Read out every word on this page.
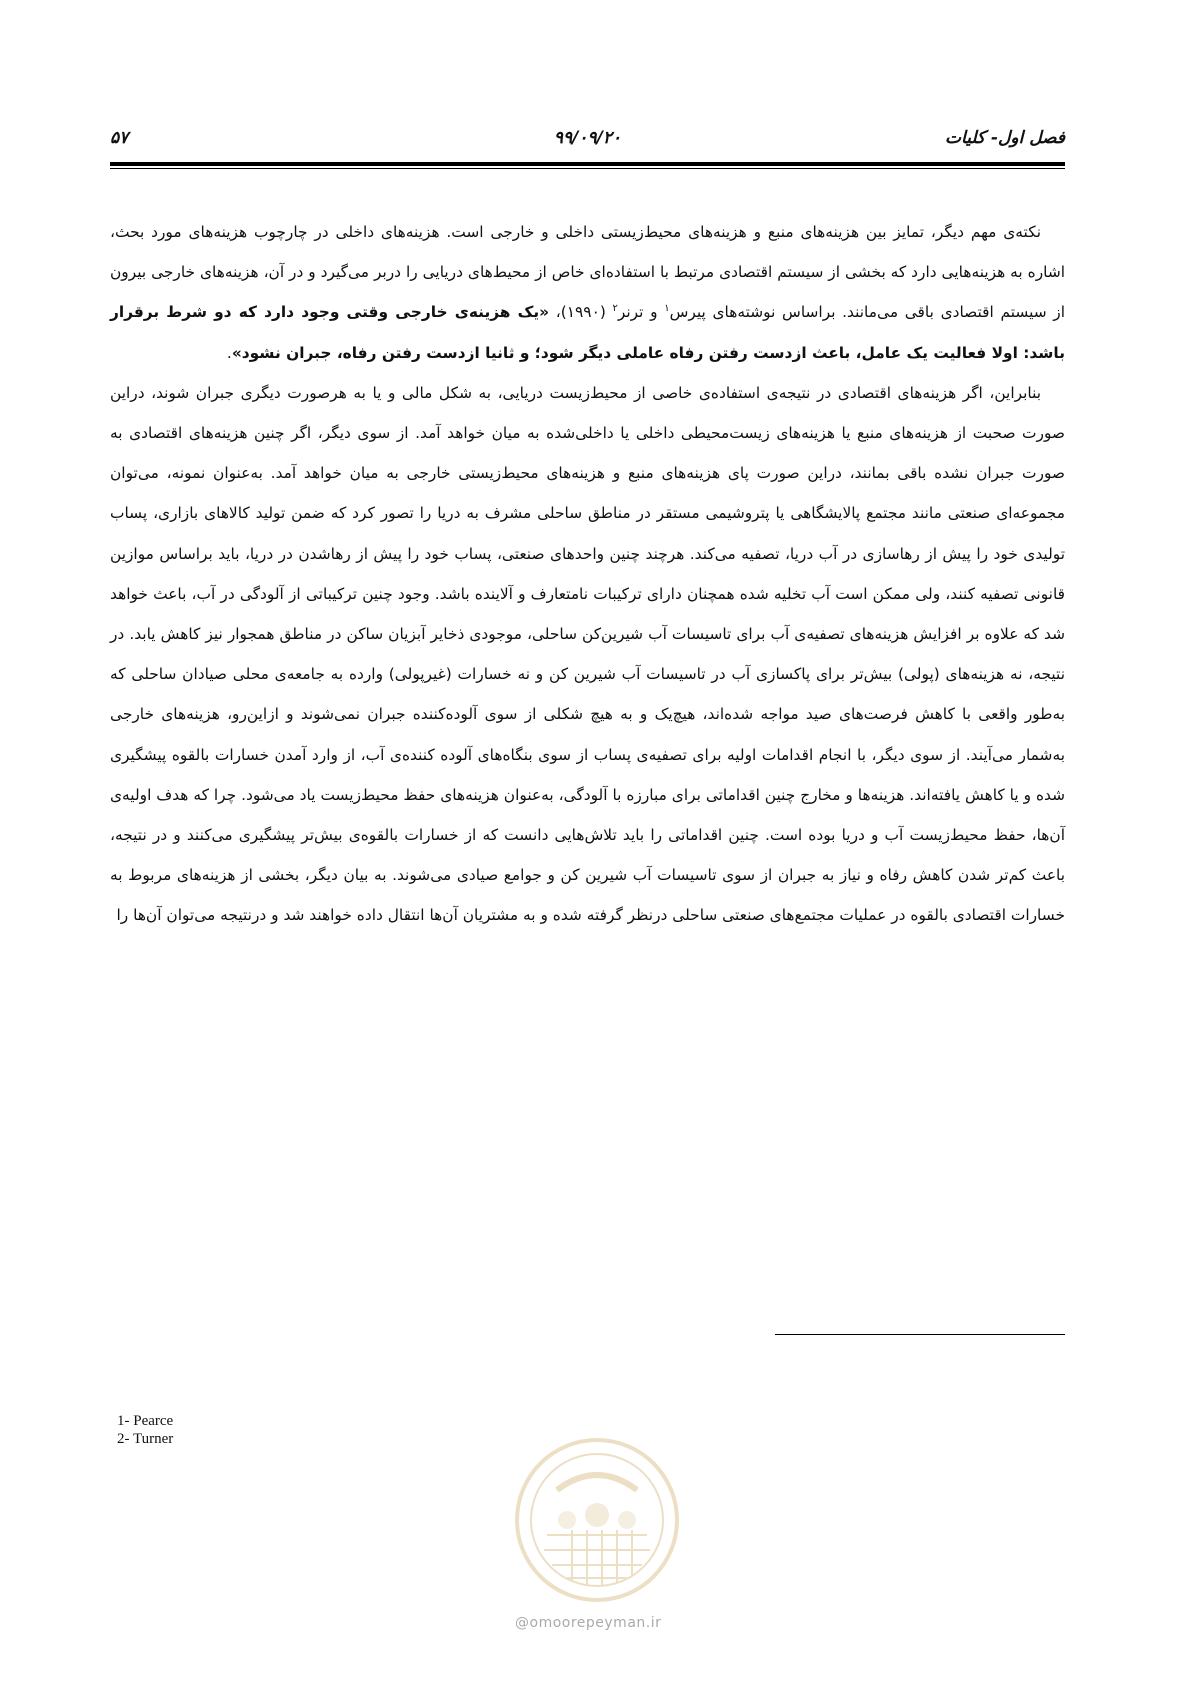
فصل اول- کلیات
۹۹/۰۹/۲۰
۵۷

نکته‌ی مهم دیگر، تمایز بین هزینه‌های منبع و هزینه‌های محیط‌زیستی داخلی و خارجی است. هزینه‌های داخلی در چارچوب هزینه‌های مورد بحث، اشاره به هزینه‌هایی دارد که بخشی از سیستم اقتصادی مرتبط با استفاده‌ای خاص از محیط‌های دریایی را دربر می‌گیرد و در آن، هزینه‌های خارجی بیرون از سیستم اقتصادی باقی می‌مانند. براساس نوشته‌های پیرس$^۱$ و ترنر$^۲$ (۱۹۹۰)، «یک هزینه‌ی خارجی وقتی وجود دارد که دو شرط برقرار باشد: اولا فعالیت یک عامل، باعث ازدست رفتن رفاه عاملی دیگر شود؛ و ثانیا ازدست رفتن رفاه، جبران نشود».

بنابراین، اگر هزینه‌های اقتصادی در نتیجه‌ی استفاده‌ی خاصی از محیط‌زیست دریایی، به شکل مالی و یا به هرصورت دیگری جبران شوند، دراین صورت صحبت از هزینه‌های منبع یا هزینه‌های زیست‌محیطی داخلی یا داخلی‌شده به میان خواهد آمد. از سوی دیگر، اگر چنین هزینه‌های اقتصادی به صورت جبران نشده باقی بمانند، دراین صورت پای هزینه‌های منبع و هزینه‌های محیط‌زیستی خارجی به میان خواهد آمد. به‌عنوان نمونه، می‌توان مجموعه‌ای صنعتی مانند مجتمع پالایشگاهی یا پتروشیمی مستقر در مناطق ساحلی مشرف به دریا را تصور کرد که ضمن تولید کالاهای بازاری، پساب تولیدی خود را پیش از رهاسازی در آب دریا، تصفیه می‌کند. هرچند چنین واحدهای صنعتی، پساب خود را پیش از رهاشدن در دریا، باید براساس موازین قانونی تصفیه کنند، ولی ممکن است آب تخلیه شده همچنان دارای ترکیبات نامتعارف و آلاینده باشد. وجود چنین ترکیباتی از آلودگی در آب، باعث خواهد شد که علاوه بر افزایش هزینه‌های تصفیه‌ی آب برای تاسیسات آب شیرین‌کن ساحلی، موجودی ذخایر آبزیان ساکن در مناطق همجوار نیز کاهش یابد. در نتیجه، نه هزینه‌های (پولی) بیش‌تر برای پاکسازی آب در تاسیسات آب شیرین کن و نه خسارات (غیرپولی) وارده به جامعه‌ی محلی صیادان ساحلی که به‌طور واقعی با کاهش فرصت‌های صید مواجه شده‌اند، هیچ‌یک و به هیچ شکلی از سوی آلوده‌کننده جبران نمی‌شوند و ازاین‌رو، هزینه‌های خارجی به‌شمار می‌آیند. از سوی دیگر، با انجام اقدامات اولیه برای تصفیه‌ی پساب از سوی بنگاه‌های آلوده کننده‌ی آب، از وارد آمدن خسارات بالقوه پیشگیری شده و یا کاهش یافته‌اند. هزینه‌ها و مخارج چنین اقداماتی برای مبارزه با آلودگی، به‌عنوان هزینه‌های حفظ محیط‌زیست یاد می‌شود. چرا که هدف اولیه‌ی آن‌ها، حفظ محیط‌زیست آب و دریا بوده است. چنین اقداماتی را باید تلاش‌هایی دانست که از خسارات بالقوه‌ی بیش‌تر پیشگیری می‌کنند و در نتیجه، باعث کم‌تر شدن کاهش رفاه و نیاز به جبران از سوی تاسیسات آب شیرین کن و جوامع صیادی می‌شوند. به بیان دیگر، بخشی از هزینه‌های مربوط به خسارات اقتصادی بالقوه در عملیات مجتمع‌های صنعتی ساحلی درنظر گرفته شده و به مشتریان آن‌ها انتقال داده خواهند شد و درنتیجه می‌توان آن‌ها را

1- Pearce
2- Turner
@omoorepeyman.ir
